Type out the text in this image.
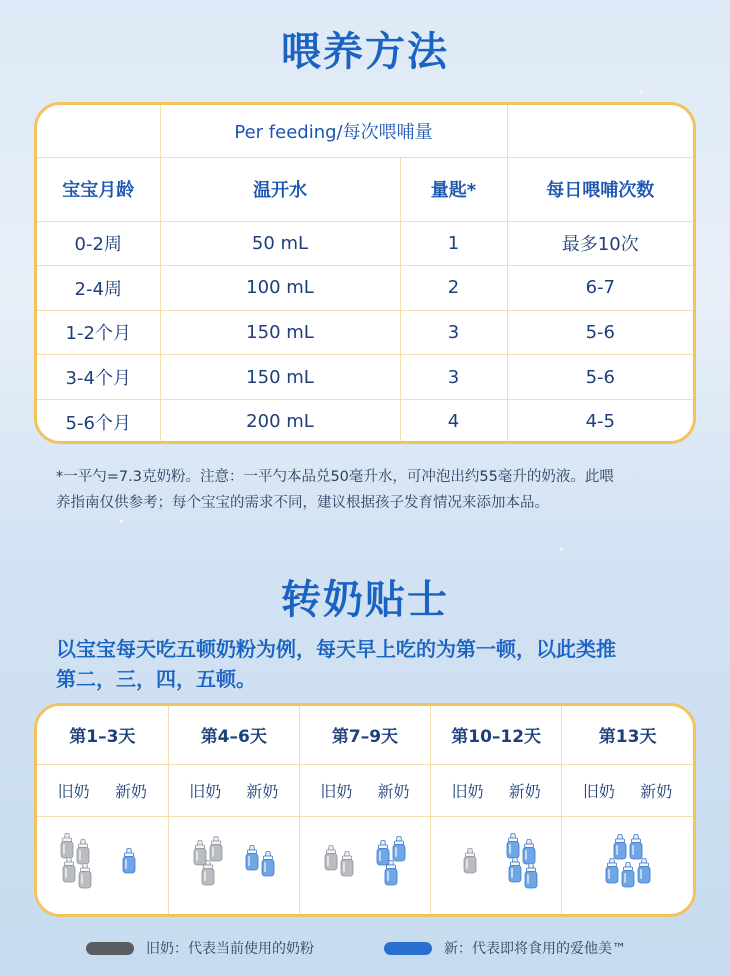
喂养方法
	Per feeding/每次喂哺量		
宝宝月龄	温开水	量匙*	每日喂哺次数
0-2周	50 mL	1	最多10次
2-4周	100 mL	2	6-7
1-2个月	150 mL	3	5-6
3-4个月	150 mL	3	5-6
5-6个月	200 mL	4	4-5
*一平勺=7.3克奶粉。注意：一平勺本品兑50毫升水，可冲泡出约55毫升的奶液。此喂
养指南仅供参考；每个宝宝的需求不同，建议根据孩子发育情况来添加本品。
转奶贴士
以宝宝每天吃五顿奶粉为例，每天早上吃的为第一顿，以此类推
第二，三，四，五顿。
第1–3天	第4–6天	第7–9天	第10–12天	第13天

旧奶 新奶	旧奶 新奶	旧奶 新奶	旧奶 新奶	旧奶 新奶

旧奶：代表当前使用的奶粉	新：代表即将食用的爱他美™
